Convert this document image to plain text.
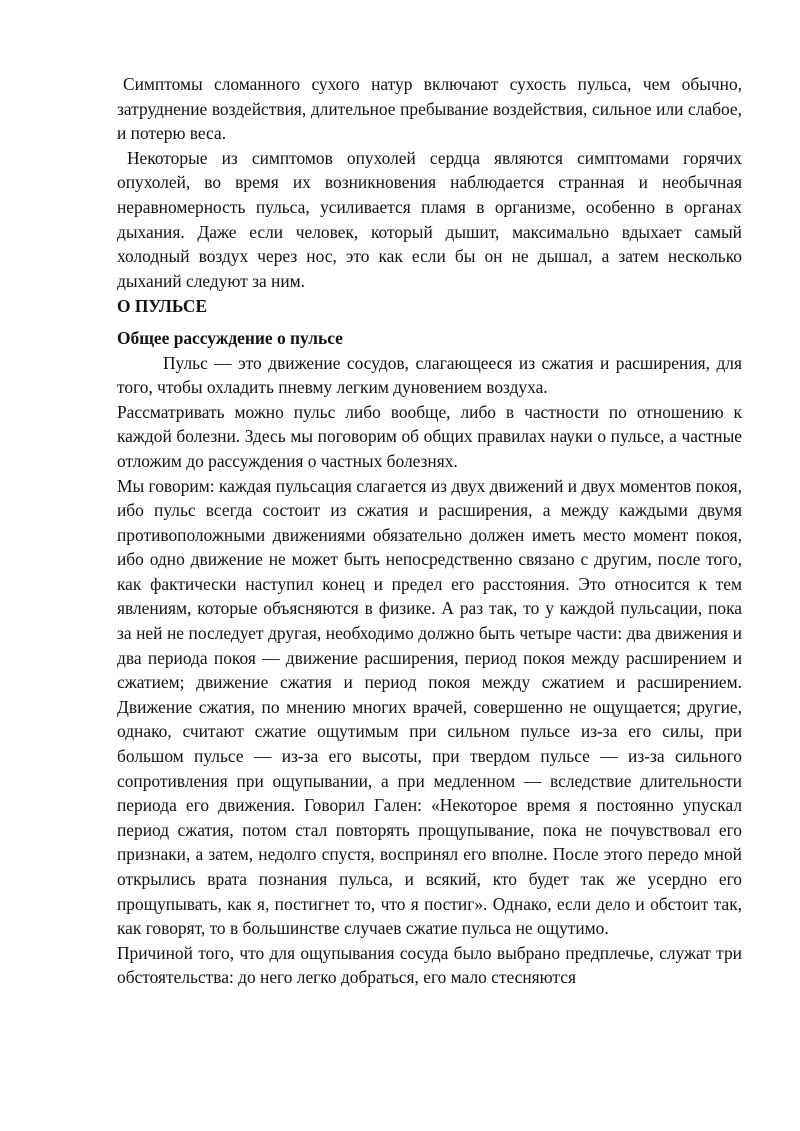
Симптомы сломанного сухого натур включают сухость пульса, чем обычно, затруднение воздействия, длительное пребывание воздействия, сильное или слабое, и потерю веса.

Некоторые из симптомов опухолей сердца являются симптомами горячих опухолей, во время их возникновения наблюдается странная и необычная неравномерность пульса, усиливается пламя в организме, особенно в органах дыхания. Даже если человек, который дышит, максимально вдыхает самый холодный воздух через нос, это как если бы он не дышал, а затем несколько дыханий следуют за ним.

О ПУЛЬСЕ

Общее рассуждение о пульсе

Пульс — это движение сосудов, слагающееся из сжатия и расширения, для того, чтобы охладить пневму легким дуновением воздуха.

Рассматривать можно пульс либо вообще, либо в частности по отношению к каждой болезни. Здесь мы поговорим об общих правилах науки о пульсе, а частные отложим до рассуждения о частных болезнях.

Мы говорим: каждая пульсация слагается из двух движений и двух моментов покоя, ибо пульс всегда состоит из сжатия и расширения, а между каждыми двумя противоположными движениями обязательно должен иметь место момент покоя, ибо одно движение не может быть непосредственно связано с другим, после того, как фактически наступил конец и предел его расстояния. Это относится к тем явлениям, которые объясняются в физике. А раз так, то у каждой пульсации, пока за ней не последует другая, необходимо должно быть четыре части: два движения и два периода покоя — движение расширения, период покоя между расширением и сжатием; движение сжатия и период покоя между сжатием и расширением. Движение сжатия, по мнению многих врачей, совершенно не ощущается; другие, однако, считают сжатие ощутимым при сильном пульсе из-за его силы, при большом пульсе — из-за его высоты, при твердом пульсе — из-за сильного сопротивления при ощупывании, а при медленном — вследствие длительности периода его движения. Говорил Гален: «Некоторое время я постоянно упускал период сжатия, потом стал повторять прощупывание, пока не почувствовал его признаки, а затем, недолго спустя, воспринял его вполне. После этого передо мной открылись врата познания пульса, и всякий, кто будет так же усердно его прощупывать, как я, постигнет то, что я постиг». Однако, если дело и обстоит так, как говорят, то в большинстве случаев сжатие пульса не ощутимо.

Причиной того, что для ощупывания сосуда было выбрано предплечье, служат три обстоятельства: до него легко добраться, его мало стесняются
